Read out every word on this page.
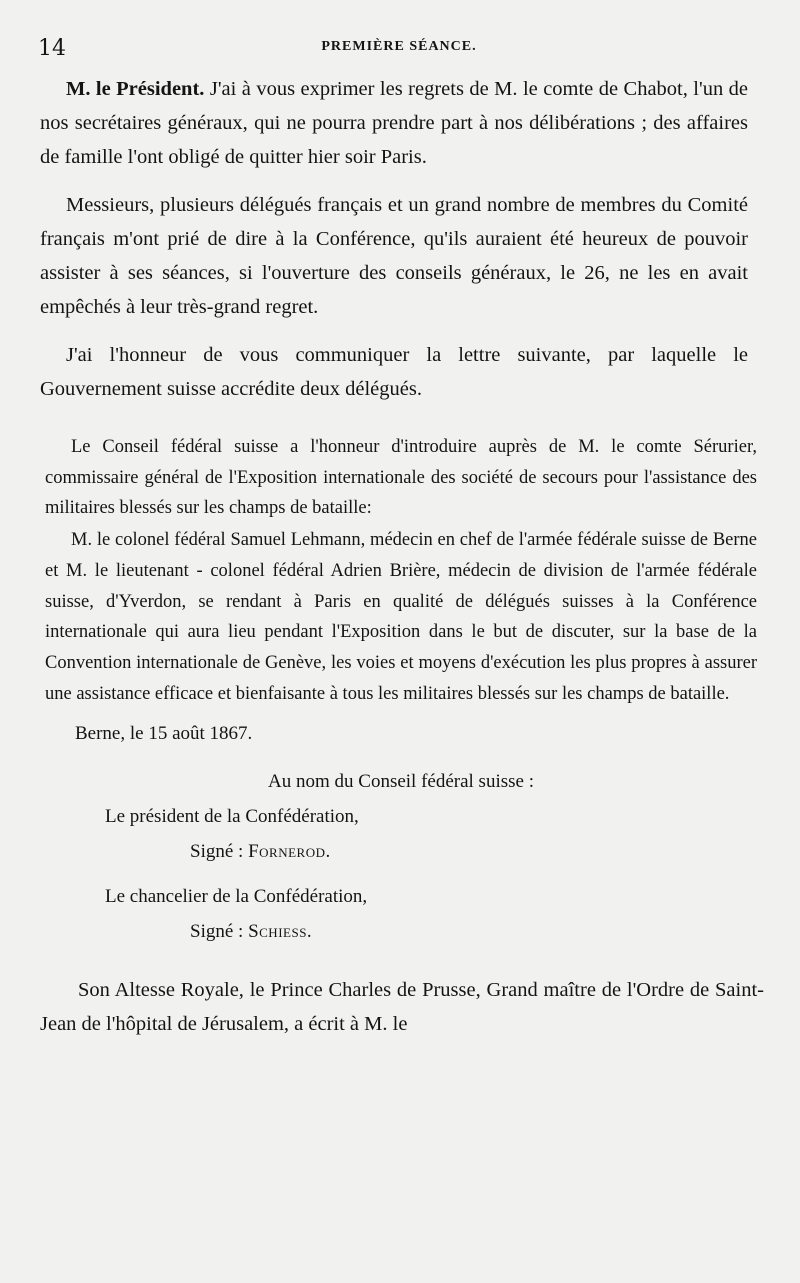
14	PREMIÈRE SÉANCE.

M. le Président. J'ai à vous exprimer les regrets de M. le comte de Chabot, l'un de nos secrétaires généraux, qui ne pourra prendre part à nos délibérations ; des affaires de famille l'ont obligé de quitter hier soir Paris.

Messieurs, plusieurs délégués français et un grand nombre de membres du Comité français m'ont prié de dire à la Conférence, qu'ils auraient été heureux de pouvoir assister à ses séances, si l'ouverture des conseils généraux, le 26, ne les en avait empêchés à leur très-grand regret.

J'ai l'honneur de vous communiquer la lettre suivante, par laquelle le Gouvernement suisse accrédite deux délégués.

Le Conseil fédéral suisse a l'honneur d'introduire auprès de M. le comte Sérurier, commissaire général de l'Exposition internationale des société de secours pour l'assistance des militaires blessés sur les champs de bataille:

M. le colonel fédéral Samuel Lehmann, médecin en chef de l'armée fédérale suisse de Berne et M. le lieutenant - colonel fédéral Adrien Brière, médecin de division de l'armée fédérale suisse, d'Yverdon, se rendant à Paris en qualité de délégués suisses à la Conférence internationale qui aura lieu pendant l'Exposition dans le but de discuter, sur la base de la Convention internationale de Genève, les voies et moyens d'exécution les plus propres à assurer une assistance efficace et bienfaisante à tous les militaires blessés sur les champs de bataille.

Berne, le 15 août 1867.
Au nom du Conseil fédéral suisse :
Le président de la Confédération,
Signé : Fornerod.
Le chancelier de la Confédération,
Signé : Schiess.

Son Altesse Royale, le Prince Charles de Prusse, Grand maître de l'Ordre de Saint-Jean de l'hôpital de Jérusalem, a écrit à M. le
